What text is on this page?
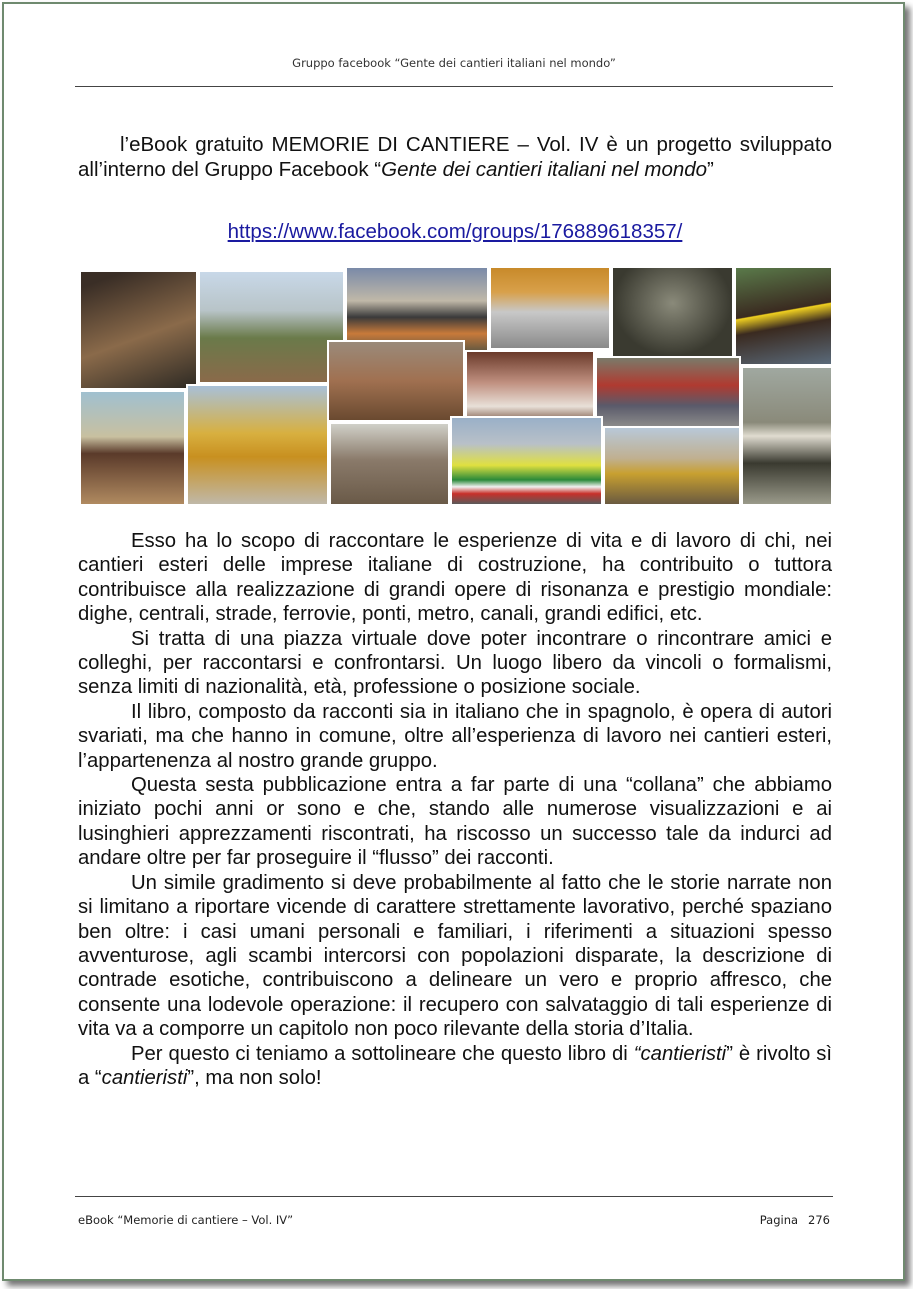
Gruppo facebook “Gente dei cantieri italiani nel mondo”
l’eBook gratuito MEMORIE DI CANTIERE – Vol. IV è un progetto sviluppato all’interno del Gruppo Facebook “Gente dei cantieri italiani nel mondo”
https://www.facebook.com/groups/176889618357/

Esso ha lo scopo di raccontare le esperienze di vita e di lavoro di chi, nei cantieri esteri delle imprese italiane di costruzione, ha contribuito o tuttora contribuisce alla realizzazione di grandi opere di risonanza e prestigio mondiale: dighe, centrali, strade, ferrovie, ponti, metro, canali, grandi edifici, etc.

Si tratta di una piazza virtuale dove poter incontrare o rincontrare amici e colleghi, per raccontarsi e confrontarsi. Un luogo libero da vincoli o formalismi, senza limiti di nazionalità, età, professione o posizione sociale.

Il libro, composto da racconti sia in italiano che in spagnolo, è opera di autori svariati, ma che hanno in comune, oltre all’esperienza di lavoro nei cantieri esteri, l’appartenenza al nostro grande gruppo.

Questa sesta pubblicazione entra a far parte di una “collana” che abbiamo iniziato pochi anni or sono e che, stando alle numerose visualizzazioni e ai lusinghieri apprezzamenti riscontrati, ha riscosso un successo tale da indurci ad andare oltre per far proseguire il “flusso” dei racconti.

Un simile gradimento si deve probabilmente al fatto che le storie narrate non si limitano a riportare vicende di carattere strettamente lavorativo, perché spaziano ben oltre: i casi umani personali e familiari, i riferimenti a situazioni spesso avventurose, agli scambi intercorsi con popolazioni disparate, la descrizione di contrade esotiche, contribuiscono a delineare un vero e proprio affresco, che consente una lodevole operazione: il recupero con salvataggio di tali esperienze di vita va a comporre un capitolo non poco rilevante della storia d’Italia.

Per questo ci teniamo a sottolineare che questo libro di “cantieristi” è rivolto sì a “cantieristi”, ma non solo!

eBook “Memorie di cantiere – Vol. IV”	Pagina 276
